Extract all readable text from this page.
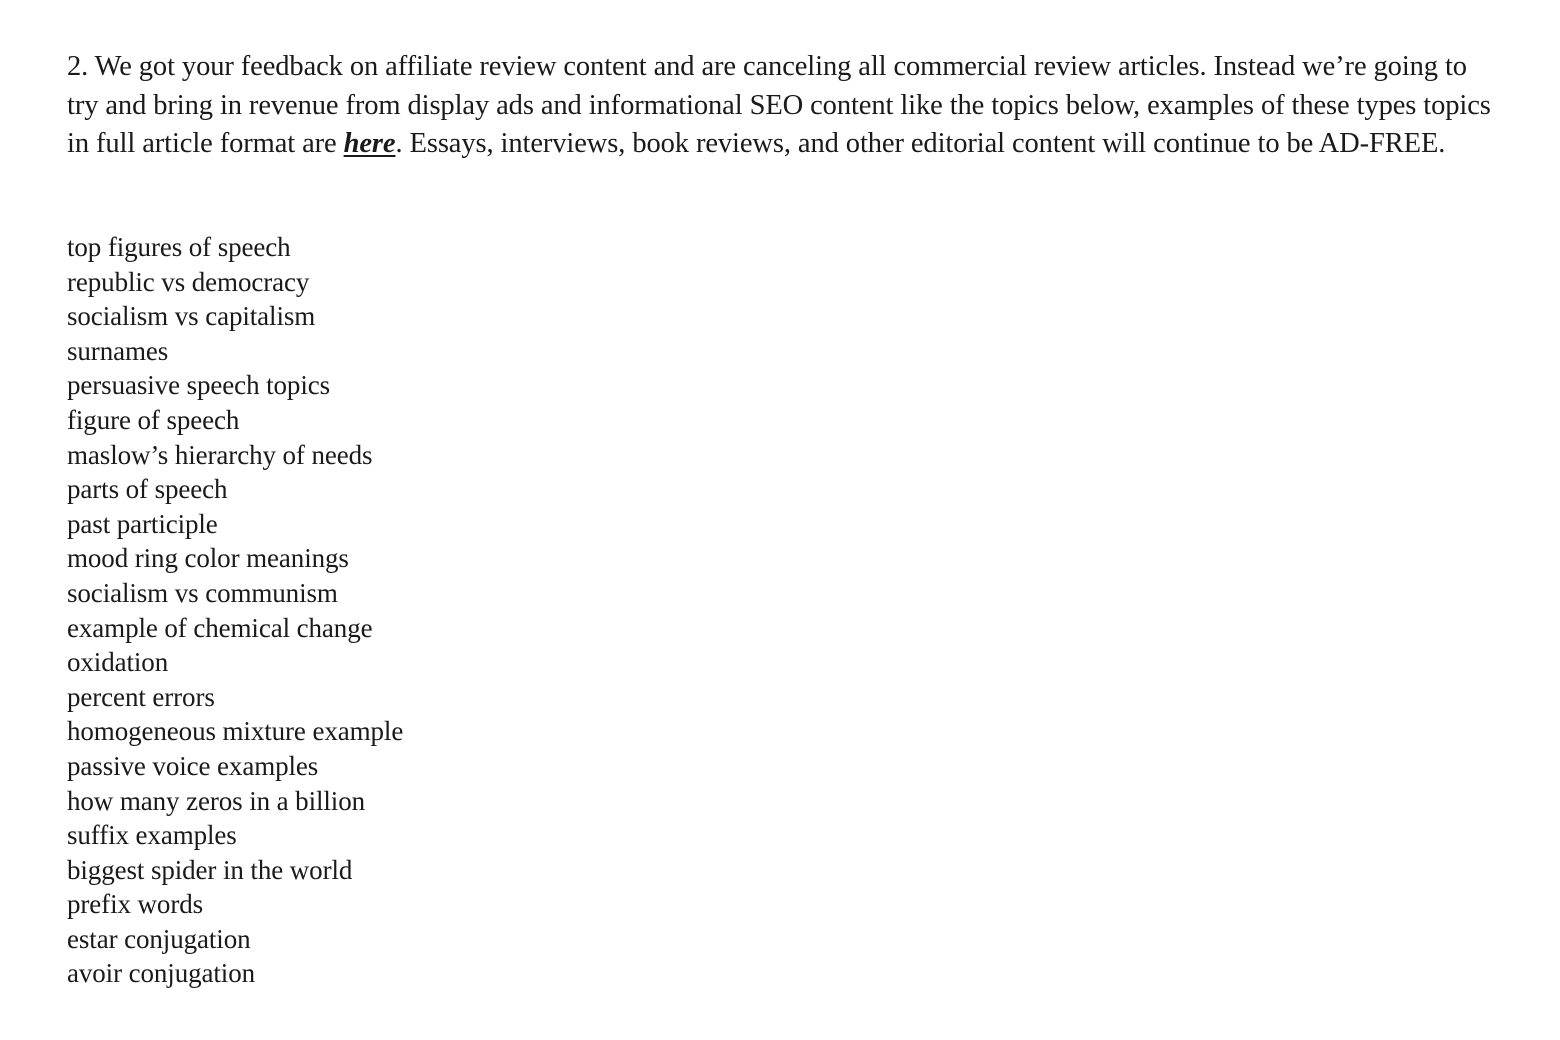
2. We got your feedback on affiliate review content and are canceling all commercial review articles. Instead we’re going to try and bring in revenue from display ads and informational SEO content like the topics below, examples of these types topics in full article format are here. Essays, interviews, book reviews, and other editorial content will continue to be AD-FREE.

top figures of speech
republic vs democracy
socialism vs capitalism
surnames
persuasive speech topics
figure of speech
maslow’s hierarchy of needs
parts of speech
past participle
mood ring color meanings
socialism vs communism
example of chemical change
oxidation
percent errors
homogeneous mixture example
passive voice examples
how many zeros in a billion
suffix examples
biggest spider in the world
prefix words
estar conjugation
avoir conjugation
